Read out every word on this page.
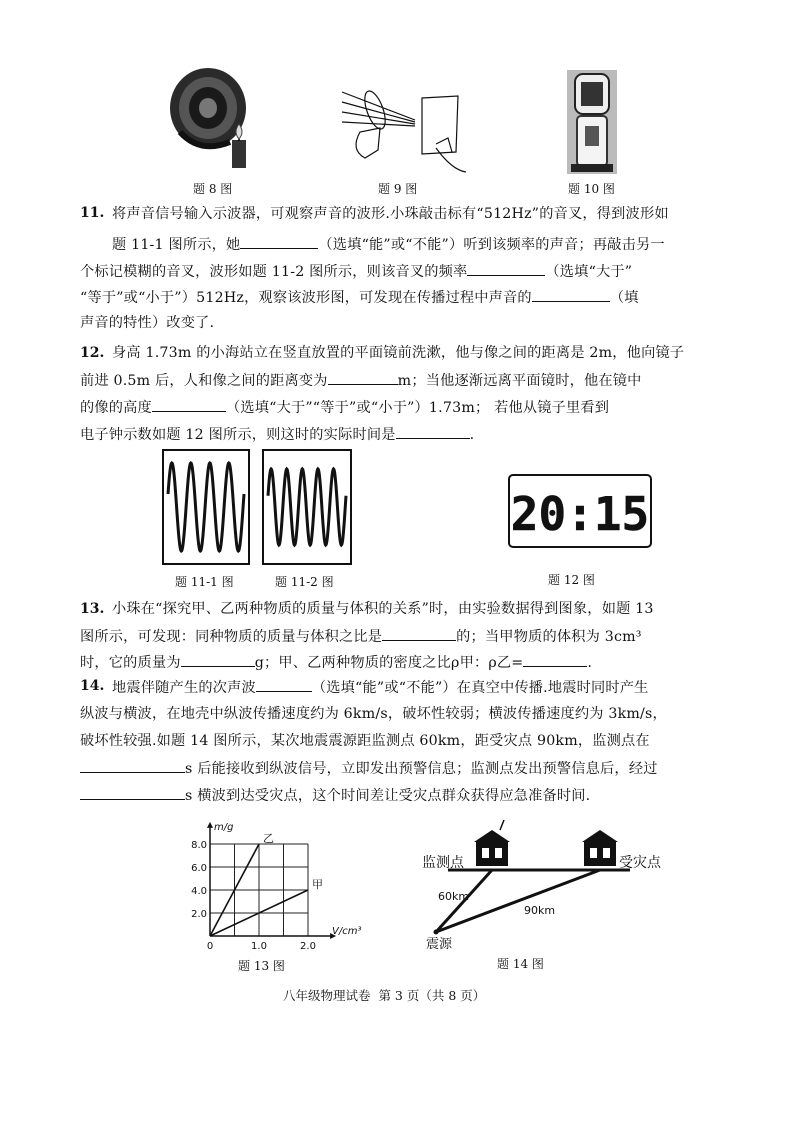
题 8 图	题 9 图	题 10 图
11. 将声音信号输入示波器，可观察声音的波形.小珠敲击标有“512Hz”的音叉，得到波形如
题 11-1 图所示，她	（选填“能”或“不能”）听到该频率的声音；再敲击另一
个标记模糊的音叉，波形如题 11-2 图所示，则该音叉的频率	（选填“大于”
“等于”或“小于”）512Hz，观察该波形图，可发现在传播过程中声音的	（填
声音的特性）改变了.
12. 身高 1.73m 的小海站立在竖直放置的平面镜前洗漱，他与像之间的距离是 2m，他向镜子
前进 0.5m 后，人和像之间的距离变为	m；当他逐渐远离平面镜时，他在镜中
的像的高度	（选填“大于”“等于”或“小于”）1.73m； 若他从镜子里看到
电子钟示数如题 12 图所示，则这时的实际时间是	.
题 11-1 图	题 11-2 图
20:15
题 12 图
13. 小珠在“探究甲、乙两种物质的质量与体积的关系”时，由实验数据得到图象，如题 13
图所示，可发现：同种物质的质量与体积之比是	的；当甲物质的体积为 3cm³
时，它的质量为	g；甲、乙两种物质的密度之比ρ甲：ρ乙=	.
14. 地震伴随产生的次声波	（选填“能”或“不能”）在真空中传播.地震时同时产生
纵波与横波，在地壳中纵波传播速度约为 6km/s，破坏性较弱；横波传播速度约为 3km/s，
破坏性较强.如题 14 图所示，某次地震震源距监测点 60km，距受灾点 90km，监测点在
s 后能接收到纵波信号，立即发出预警信息；监测点发出预警信息后，经过
s 横波到达受灾点，这个时间差让受灾点群众获得应急准备时间.
乙
甲
2.0
4.0
6.0
8.0
0	1.0	2.0
V/cm³
m/g
题 13 图
监测点	受灾点
60km
90km
震源
题 14 图
八年级物理试卷  第 3 页（共 8 页）
